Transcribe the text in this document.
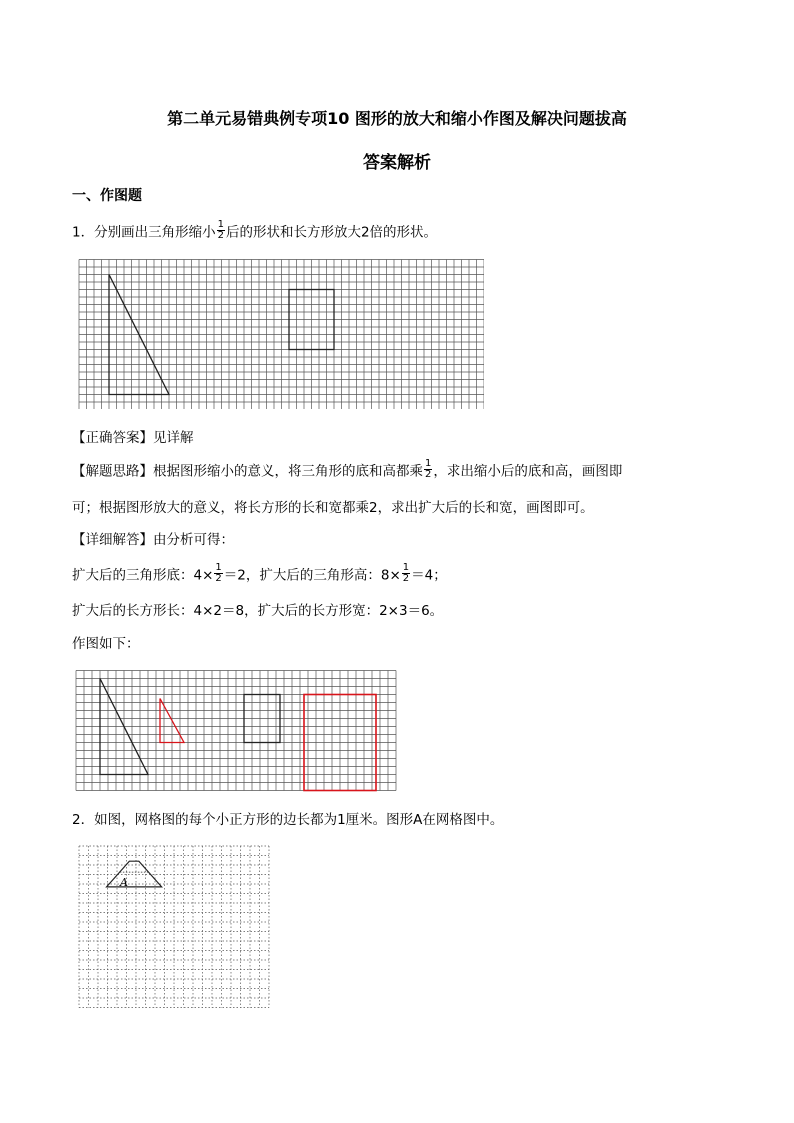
第二单元易错典例专项10 图形的放大和缩小作图及解决问题拔高
答案解析
一、作图题
1．分别画出三角形缩小 $\frac{1}{2}$ 后的形状和长方形放大2倍的形状。
【正确答案】见详解
【解题思路】根据图形缩小的意义，将三角形的底和高都乘 $\frac{1}{2}$ ，求出缩小后的底和高，画图即
可；根据图形放大的意义，将长方形的长和宽都乘2，求出扩大后的长和宽，画图即可。
【详细解答】由分析可得：
扩大后的三角形底：$4\times \frac{1}{2} =2$，扩大后的三角形高：$8\times \frac{1}{2} =4$；
扩大后的长方形长：4×2＝8，扩大后的长方形宽：2×3＝6。
作图如下：
2．如图，网格图的每个小正方形的边长都为1厘米。图形A在网格图中。
A
